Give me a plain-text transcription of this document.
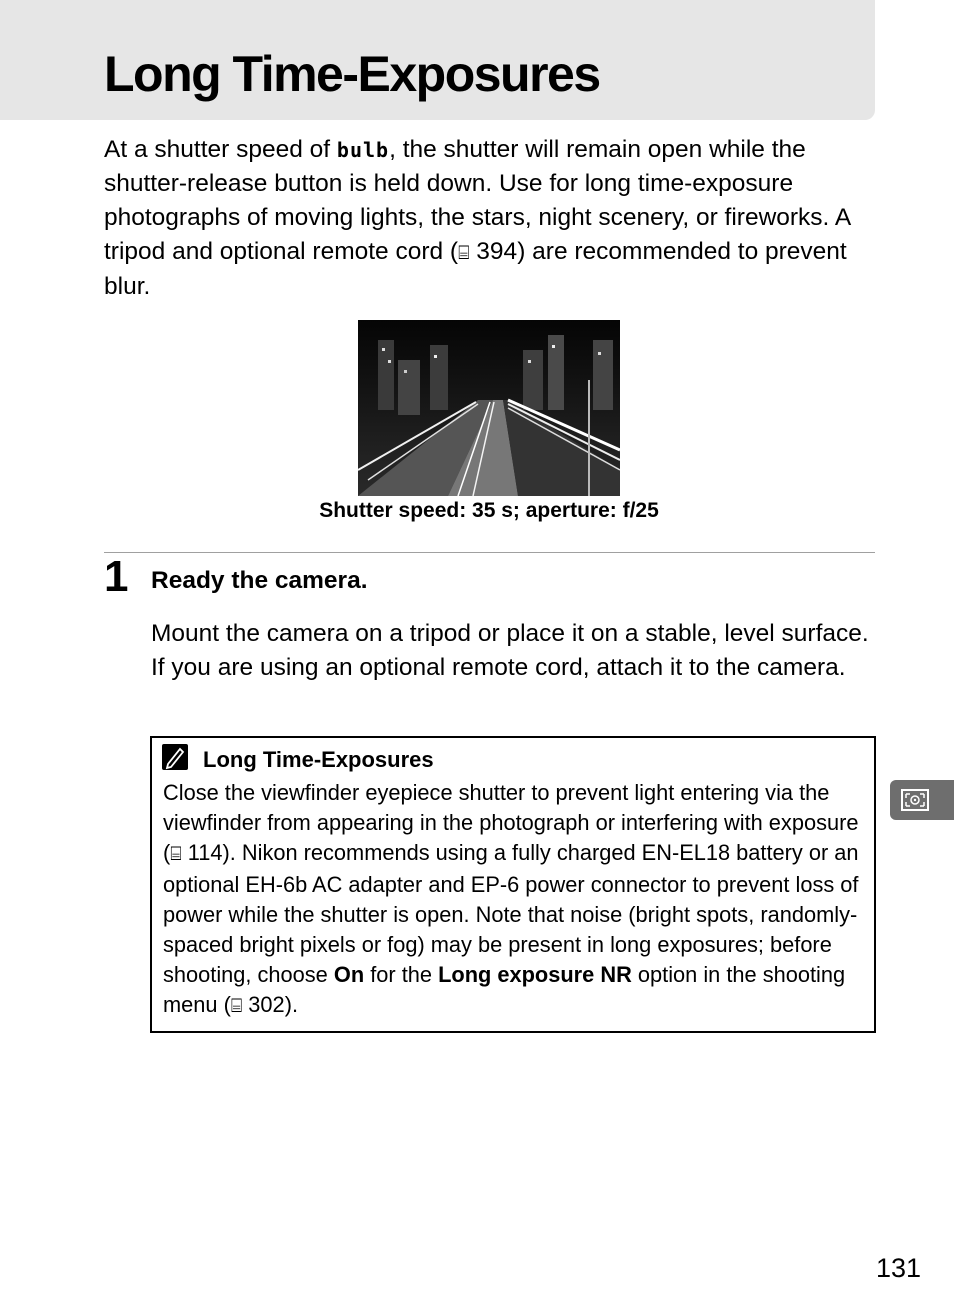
Long Time-Exposures

At a shutter speed of bulb, the shutter will remain open while the shutter-release button is held down. Use for long time-exposure photographs of moving lights, the stars, night scenery, or fireworks. A tripod and optional remote cord (⌸ 394) are recommended to prevent blur.

Shutter speed: 35 s; aperture: f/25

1 Ready the camera.

Mount the camera on a tripod or place it on a stable, level surface. If you are using an optional remote cord, attach it to the camera.

Long Time-Exposures

Close the viewfinder eyepiece shutter to prevent light entering via the viewfinder from appearing in the photograph or interfering with exposure (⌸ 114). Nikon recommends using a fully charged EN-EL18 battery or an optional EH-6b AC adapter and EP-6 power connector to prevent loss of power while the shutter is open. Note that noise (bright spots, randomly-spaced bright pixels or fog) may be present in long exposures; before shooting, choose On for the Long exposure NR option in the shooting menu (⌸ 302).

131
